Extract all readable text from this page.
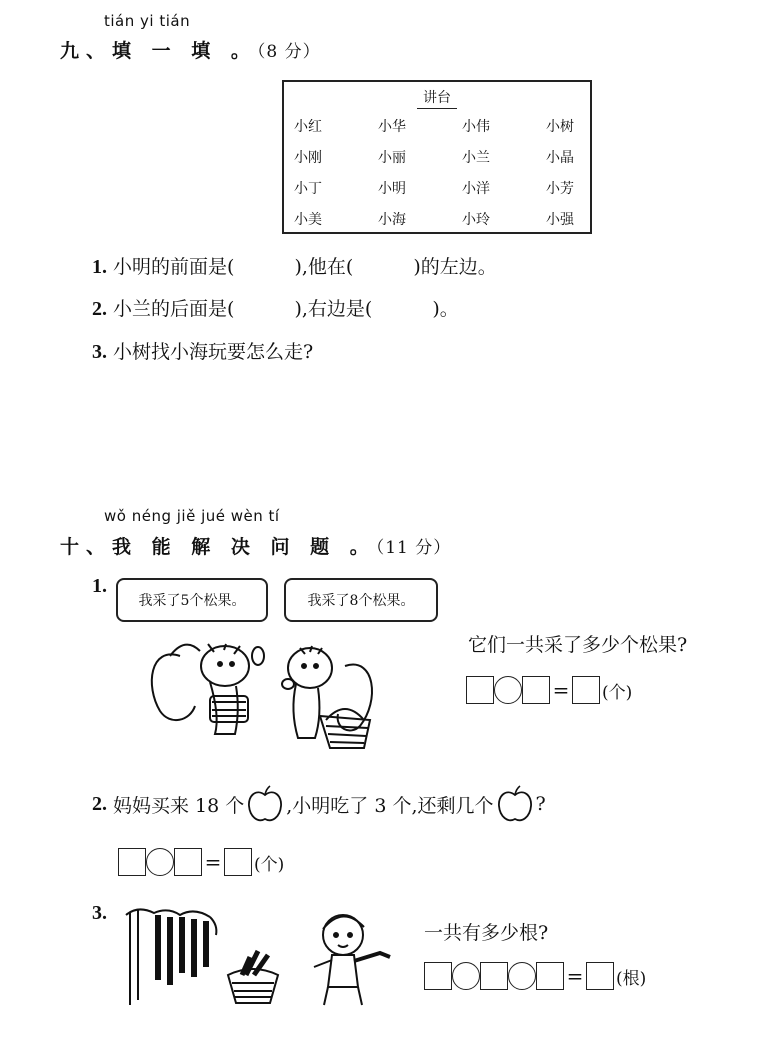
tián yi tián
九、填 一 填 。（8 分）
讲台
小红	小华	小伟	小树
小刚	小丽	小兰	小晶
小丁	小明	小洋	小芳
小美	小海	小玲	小强
1. 小明的前面是(	),他在(	)的左边。
2. 小兰的后面是(	),右边是(	)。
3. 小树找小海玩要怎么走?
wǒ néng jiě jué wèn tí
十、我 能 解 决 问 题 。（11 分）
1.
我采了5个松果。	我采了8个松果。
它们一共采了多少个松果?
= (个)
2. 妈妈买来 18 个 ,小明吃了 3 个,还剩几个 ?
= (个)
3.
一共有多少根?
= (根)
